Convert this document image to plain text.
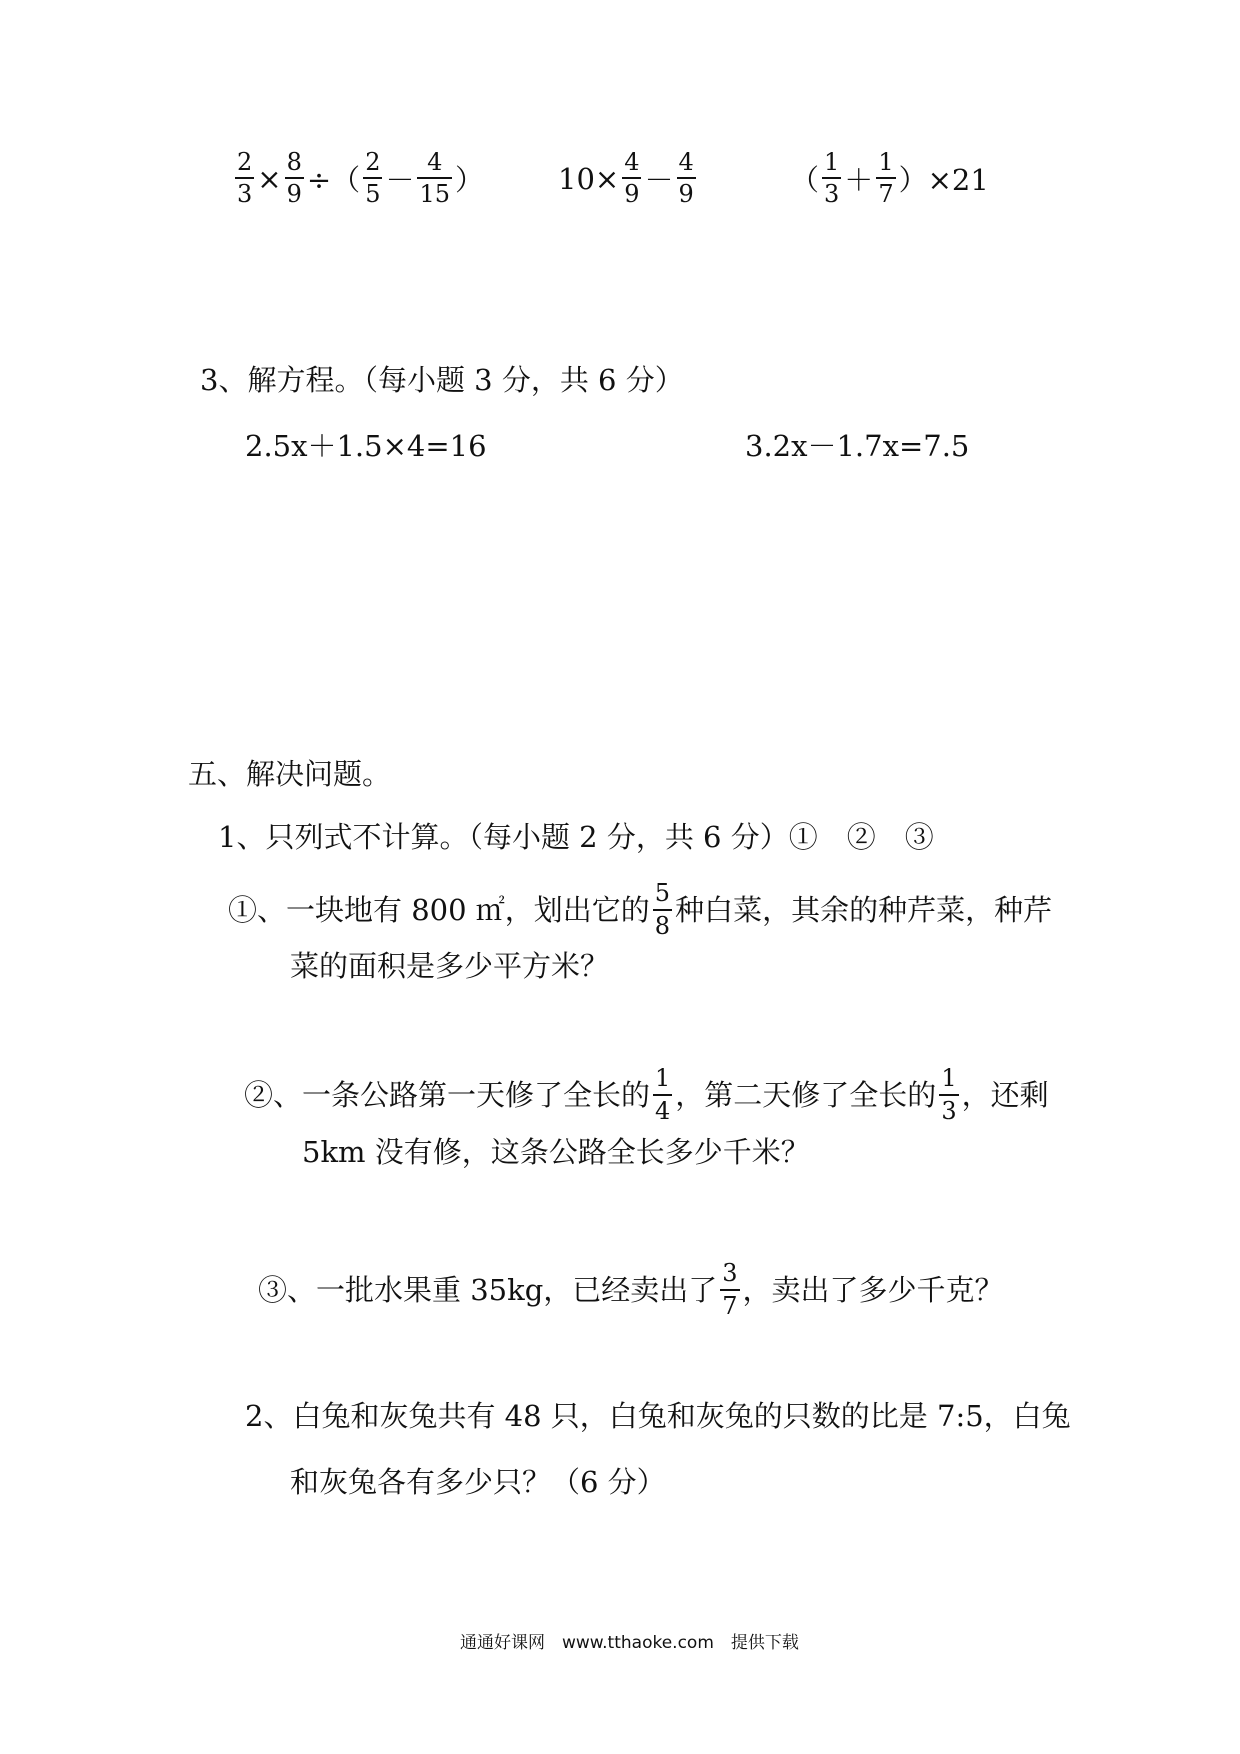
$\frac{2}{3} \times \frac{8}{9}$ ÷（ $\frac{2}{5} - \frac{4}{15}$ ）	$10\times \frac{4}{9} - \frac{4}{9}$	（ $\frac{1}{3} + \frac{1}{7} )\times 21$
3、解方程。（每小题 3 分，共 6 分）
2.5x＋1.5×4=16	3.2x－1.7x=7.5
五、解决问题。
1、只列式不计算。（每小题 2 分，共 6 分）①　②　③
①、一块地有 800 ㎡，划出它的 $\frac{5}{8}$ 种白菜，其余的种芹菜，种芹
菜的面积是多少平方米？
②、一条公路第一天修了全长的 $\frac{1}{4}$ ，第二天修了全长的 $\frac{1}{3}$ ，还剩
5km 没有修，这条公路全长多少千米？
③、一批水果重 35kg，已经卖出了 $\frac{3}{7}$ ，卖出了多少千克？
2、白兔和灰兔共有 48 只，白兔和灰兔的只数的比是 7:5，白兔
和灰兔各有多少只？（6 分）
通通好课网　www.tthaoke.com　提供下载
